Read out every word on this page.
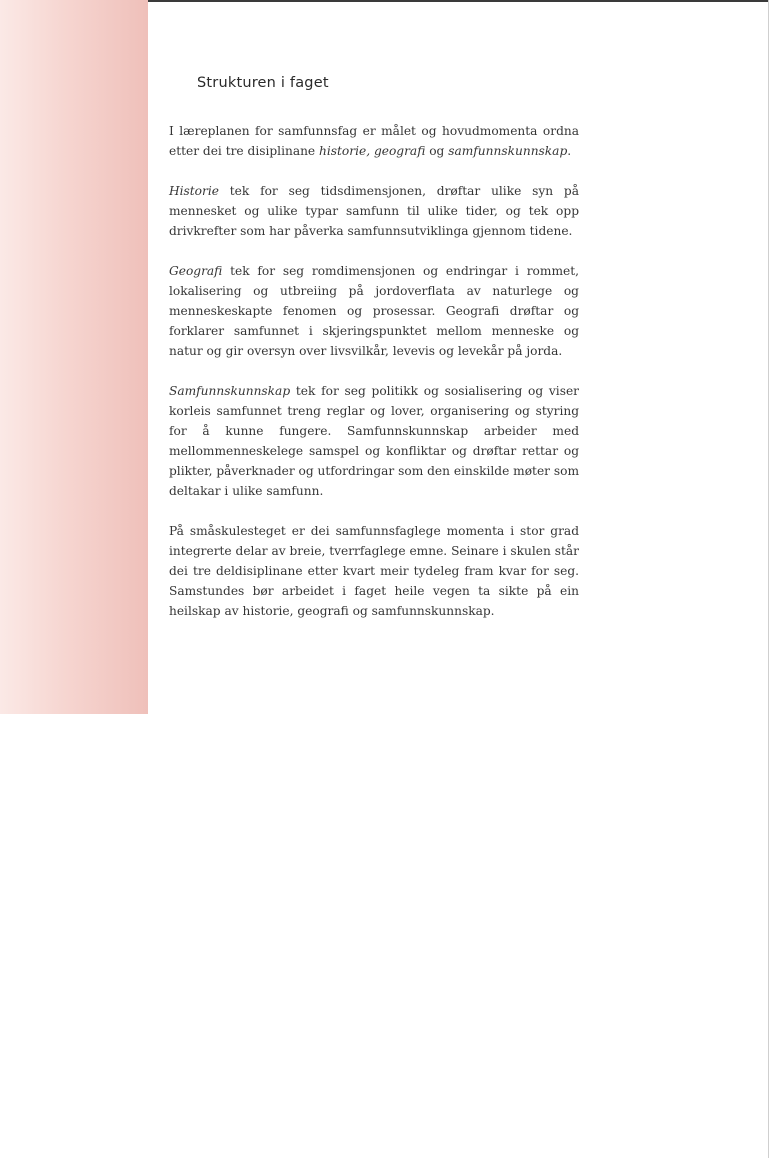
Strukturen i faget

I læreplanen for samfunnsfag er målet og hovudmomenta ordna etter dei tre disiplinane historie, geografi og samfunnskunnskap.

Historie tek for seg tidsdimensjonen, drøftar ulike syn på mennesket og ulike typar samfunn til ulike tider, og tek opp drivkrefter som har påverka samfunnsutviklinga gjennom tidene.

Geografi tek for seg romdimensjonen og endringar i rommet, lokalisering og utbreiing på jordoverflata av naturlege og menneskeskapte fenomen og prosessar. Geografi drøftar og forklarer samfunnet i skjeringspunktet mellom menneske og natur og gir oversyn over livsvilkår, levevis og levekår på jorda.

Samfunnskunnskap tek for seg politikk og sosialisering og viser korleis samfunnet treng reglar og lover, organisering og styring for å kunne fungere. Samfunnskunnskap arbeider med mellommenneskelege samspel og konfliktar og drøftar rettar og plikter, påverknader og utfordringar som den einskilde møter som deltakar i ulike samfunn.

På småskulesteget er dei samfunnsfaglege momenta i stor grad integrerte delar av breie, tverrfaglege emne. Seinare i skulen står dei tre deldisiplinane etter kvart meir tydeleg fram kvar for seg. Samstundes bør arbeidet i faget heile vegen ta sikte på ein heilskap av historie, geografi og samfunnskunnskap.
